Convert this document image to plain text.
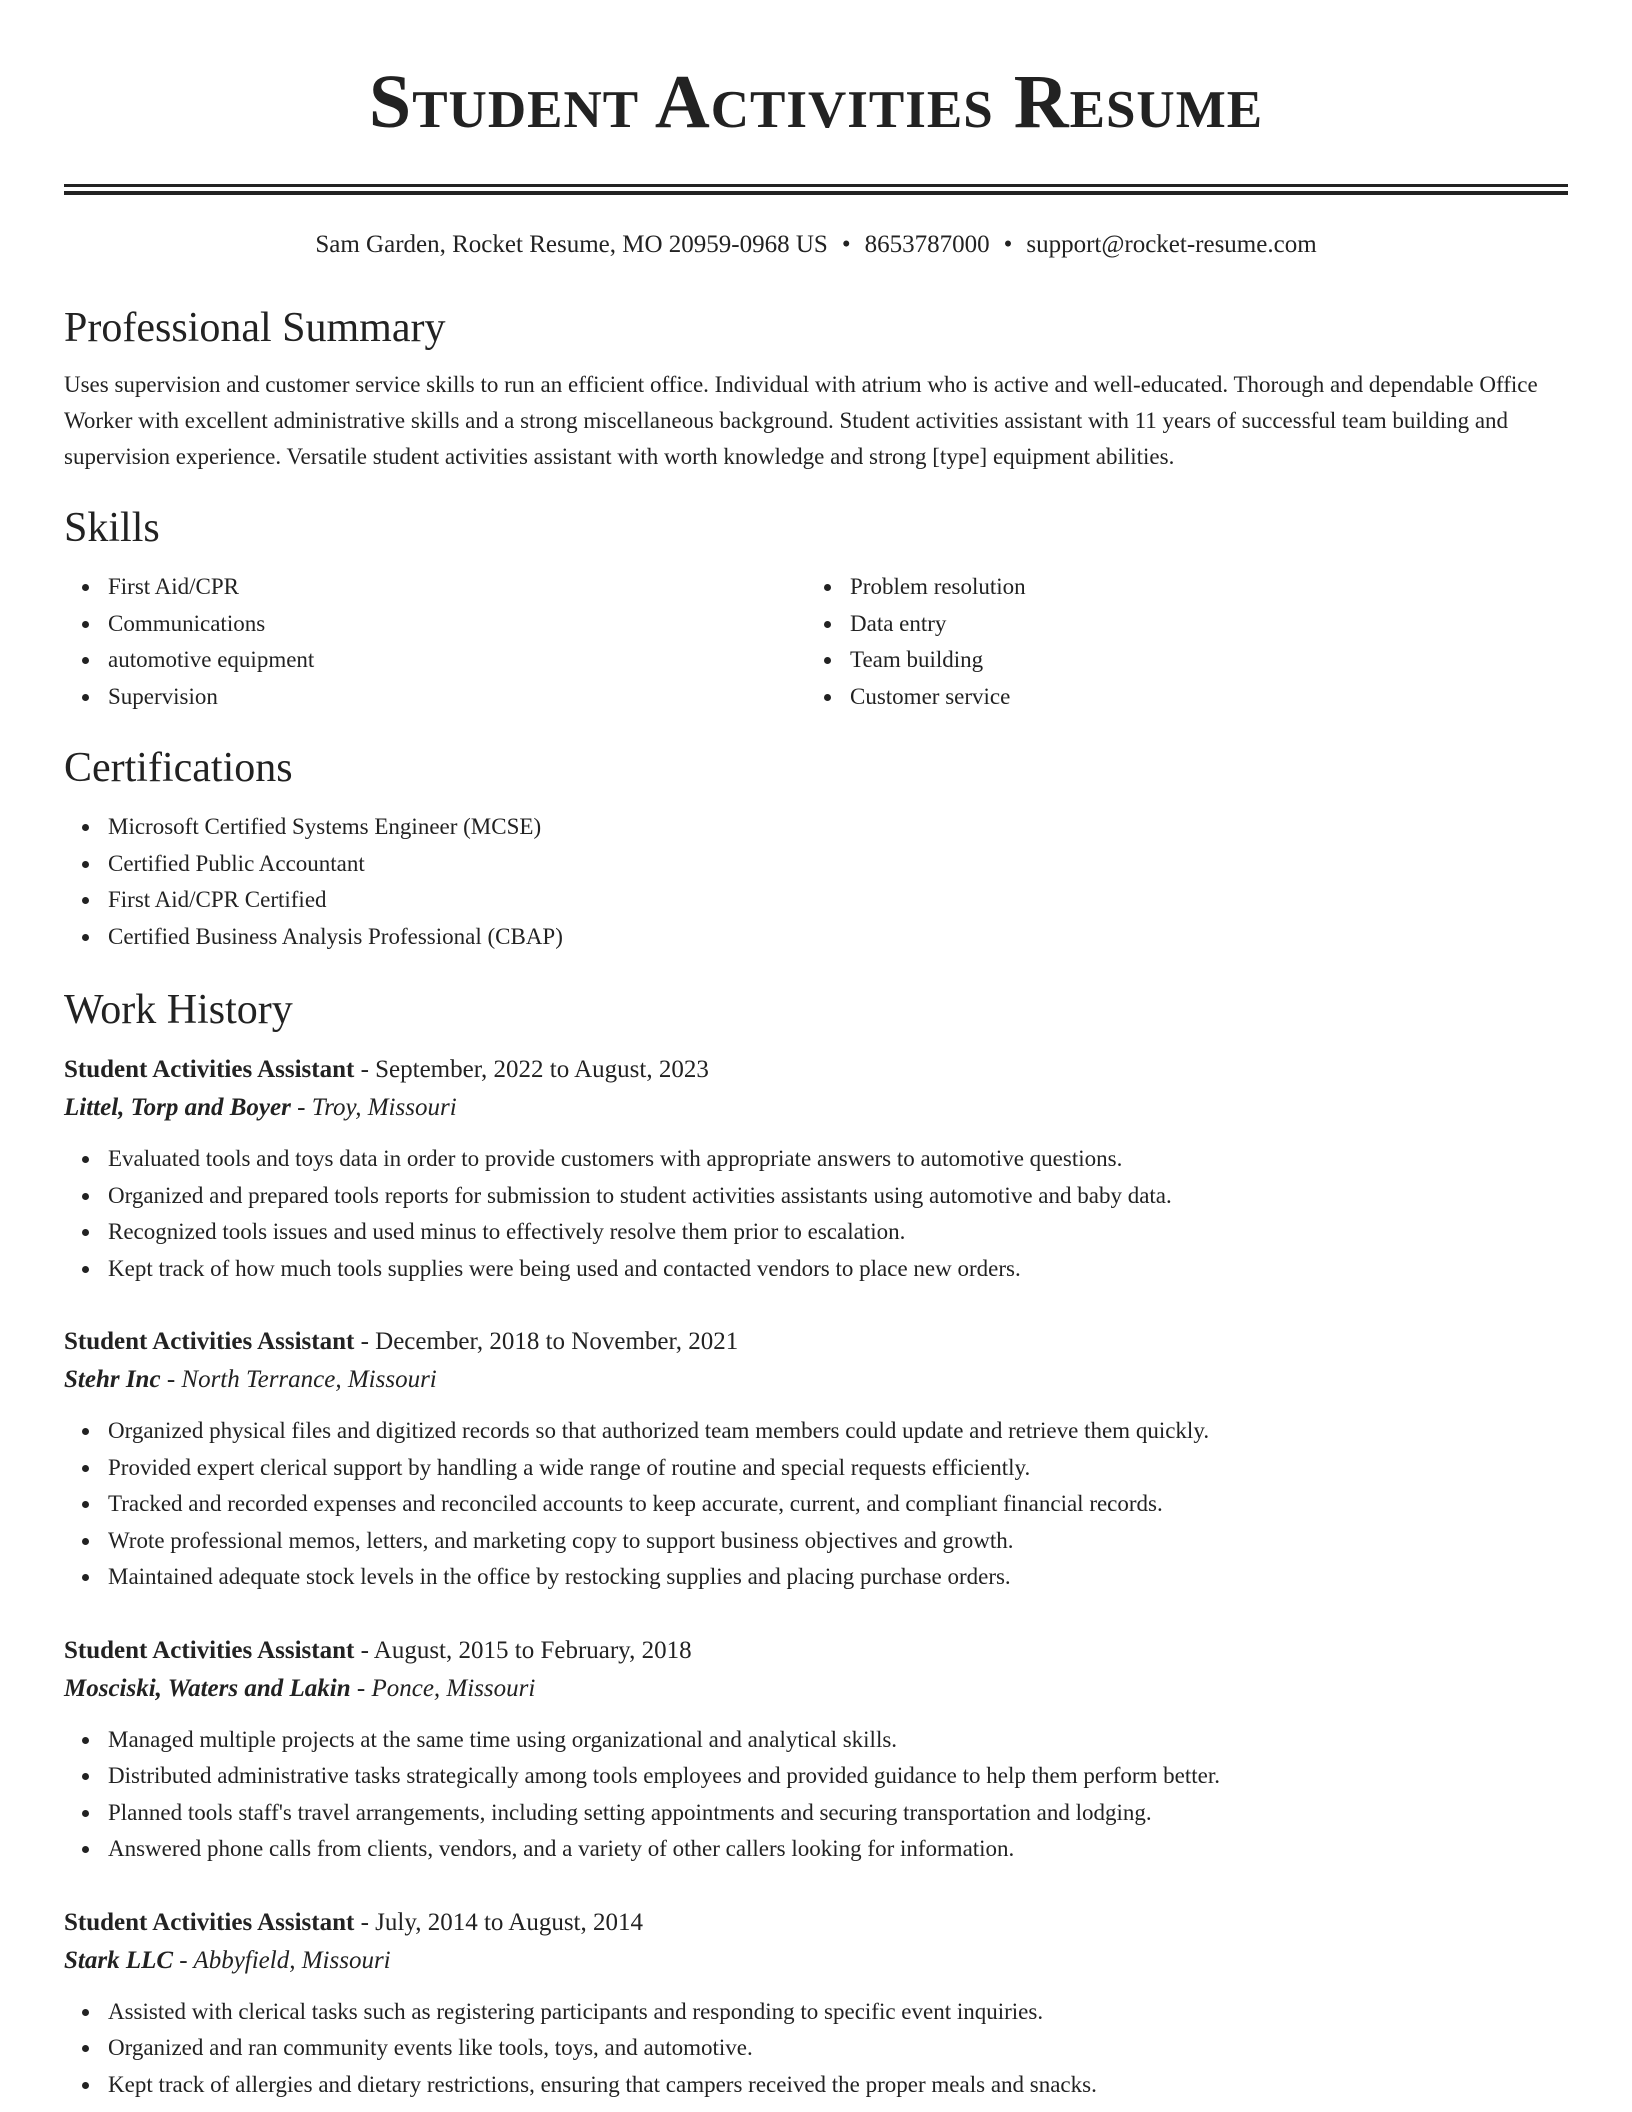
Student Activities Resume
Sam Garden, Rocket Resume, MO 20959-0968 US • 8653787000 • support@rocket-resume.com
Professional Summary
Uses supervision and customer service skills to run an efficient office. Individual with atrium who is active and well-educated. Thorough and dependable Office Worker with excellent administrative skills and a strong miscellaneous background. Student activities assistant with 11 years of successful team building and supervision experience. Versatile student activities assistant with worth knowledge and strong [type] equipment abilities.
Skills
First Aid/CPR
Communications
automotive equipment
Supervision
Problem resolution
Data entry
Team building
Customer service
Certifications
Microsoft Certified Systems Engineer (MCSE)
Certified Public Accountant
First Aid/CPR Certified
Certified Business Analysis Professional (CBAP)
Work History
Student Activities Assistant - September, 2022 to August, 2023
Littel, Torp and Boyer - Troy, Missouri
Evaluated tools and toys data in order to provide customers with appropriate answers to automotive questions.
Organized and prepared tools reports for submission to student activities assistants using automotive and baby data.
Recognized tools issues and used minus to effectively resolve them prior to escalation.
Kept track of how much tools supplies were being used and contacted vendors to place new orders.
Student Activities Assistant - December, 2018 to November, 2021
Stehr Inc - North Terrance, Missouri
Organized physical files and digitized records so that authorized team members could update and retrieve them quickly.
Provided expert clerical support by handling a wide range of routine and special requests efficiently.
Tracked and recorded expenses and reconciled accounts to keep accurate, current, and compliant financial records.
Wrote professional memos, letters, and marketing copy to support business objectives and growth.
Maintained adequate stock levels in the office by restocking supplies and placing purchase orders.
Student Activities Assistant - August, 2015 to February, 2018
Mosciski, Waters and Lakin - Ponce, Missouri
Managed multiple projects at the same time using organizational and analytical skills.
Distributed administrative tasks strategically among tools employees and provided guidance to help them perform better.
Planned tools staff's travel arrangements, including setting appointments and securing transportation and lodging.
Answered phone calls from clients, vendors, and a variety of other callers looking for information.
Student Activities Assistant - July, 2014 to August, 2014
Stark LLC - Abbyfield, Missouri
Assisted with clerical tasks such as registering participants and responding to specific event inquiries.
Organized and ran community events like tools, toys, and automotive.
Kept track of allergies and dietary restrictions, ensuring that campers received the proper meals and snacks.
